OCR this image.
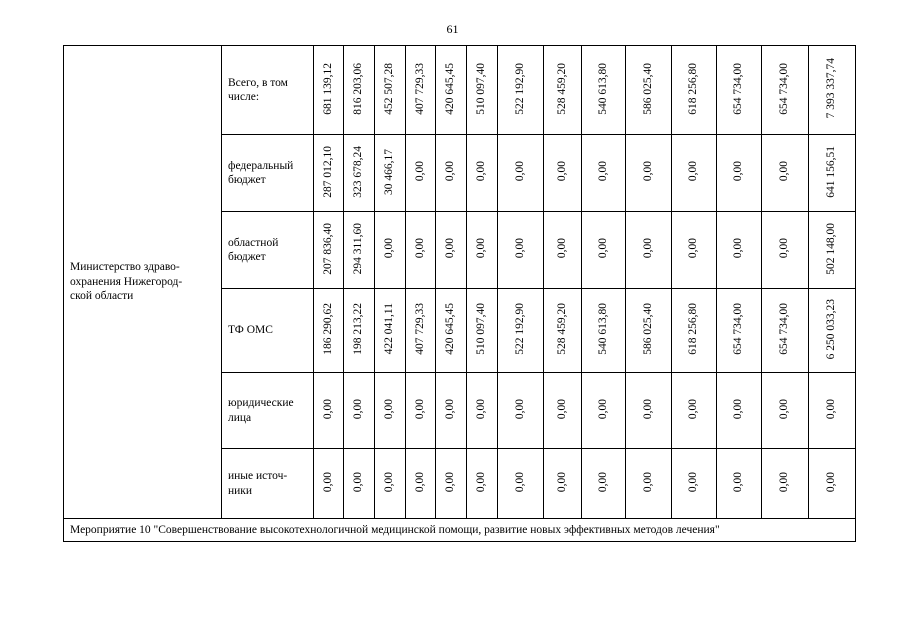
61
Министерство здраво-
охранения Нижегород-
ской области	Всего, в том
числе:	681 139,12	816 203,06	452 507,28	407 729,33	420 645,45	510 097,40	522 192,90	528 459,20	540 613,80	586 025,40	618 256,80	654 734,00	654 734,00	7 393 337,74
	федеральный
бюджет	287 012,10	323 678,24	30 466,17	0,00	0,00	0,00	0,00	0,00	0,00	0,00	0,00	0,00	0,00	641 156,51
	областной
бюджет	207 836,40	294 311,60	0,00	0,00	0,00	0,00	0,00	0,00	0,00	0,00	0,00	0,00	0,00	502 148,00
	ТФ ОМС	186 290,62	198 213,22	422 041,11	407 729,33	420 645,45	510 097,40	522 192,90	528 459,20	540 613,80	586 025,40	618 256,80	654 734,00	654 734,00	6 250 033,23
	юридические
лица	0,00	0,00	0,00	0,00	0,00	0,00	0,00	0,00	0,00	0,00	0,00	0,00	0,00	0,00
	иные источ-
ники	0,00	0,00	0,00	0,00	0,00	0,00	0,00	0,00	0,00	0,00	0,00	0,00	0,00	0,00
Мероприятие 10 "Совершенствование высокотехнологичной медицинской помощи, развитие новых эффективных методов лечения"															
